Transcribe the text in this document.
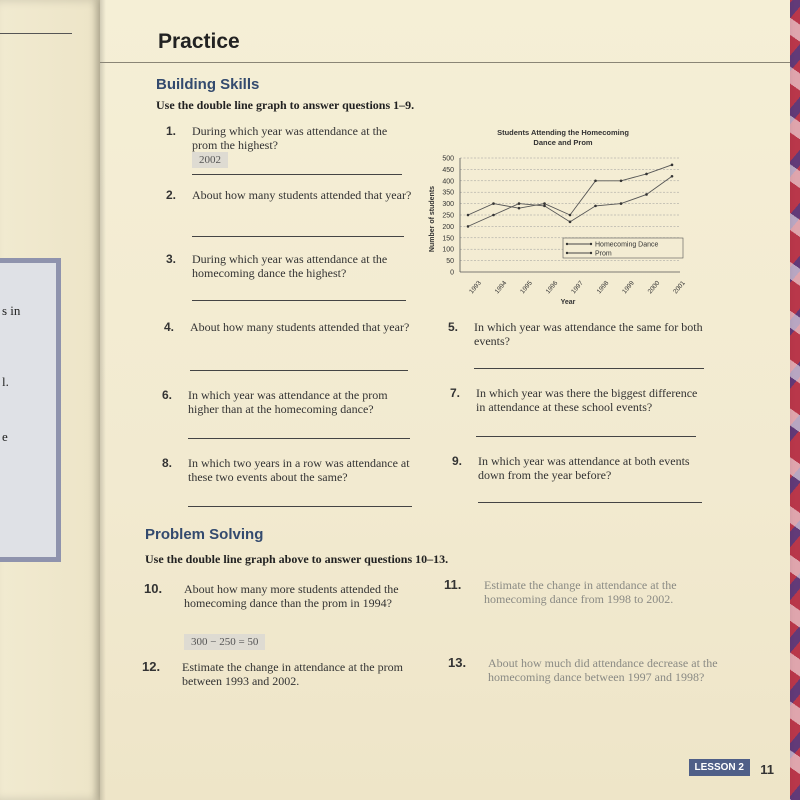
s in
l.
e
Practice
Building Skills
Use the double line graph to answer questions 1–9.
1. During which year was attendance at the prom the highest?
2002
2. About how many students attended that year?
3. During which year was attendance at the homecoming dance the highest?
Students Attending the Homecoming
Dance and Prom
0
50
100
150
200
250
300
350
400
450
500
1993 1994 1995 1996 1997 1998 1999 2000 2001
Number of students
Year
Homecoming Dance
Prom
4. About how many students attended that year?	5. In which year was attendance the same for both events?
6. In which year was attendance at the prom higher than at the homecoming dance?
7. In which year was there the biggest difference in attendance at these school events?
8. In which two years in a row was attendance at these two events about the same?
9. In which year was attendance at both events down from the year before?
Problem Solving
Use the double line graph above to answer questions 10–13.
10. About how many more students attended the homecoming dance than the prom in 1994?
300 − 250 = 50
11. Estimate the change in attendance at the homecoming dance from 1998 to 2002.
12. Estimate the change in attendance at the prom between 1993 and 2002.
13. About how much did attendance decrease at the homecoming dance between 1997 and 1998?
LESSON 2	11
